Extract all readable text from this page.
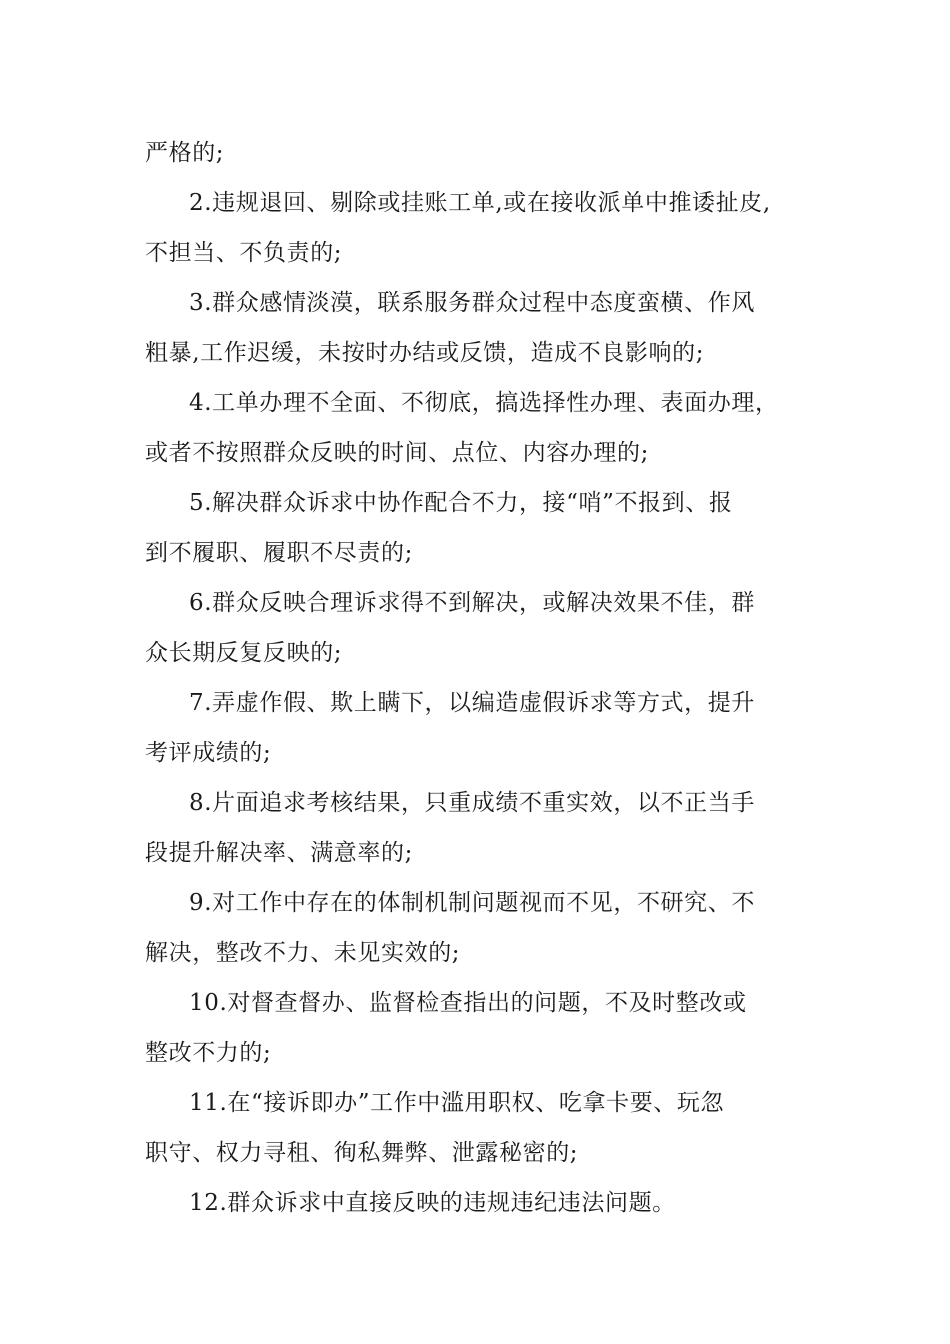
严格的;
2.违规退回、剔除或挂账工单,或在接收派单中推诿扯皮,
不担当、不负责的;
3.群众感情淡漠，联系服务群众过程中态度蛮横、作风
粗暴,工作迟缓，未按时办结或反馈，造成不良影响的;
4.工单办理不全面、不彻底，搞选择性办理、表面办理，
或者不按照群众反映的时间、点位、内容办理的;
5.解决群众诉求中协作配合不力，接“哨”不报到、报
到不履职、履职不尽责的;
6.群众反映合理诉求得不到解决，或解决效果不佳，群
众长期反复反映的;
7.弄虚作假、欺上瞒下，以编造虚假诉求等方式，提升
考评成绩的;
8.片面追求考核结果，只重成绩不重实效，以不正当手
段提升解决率、满意率的;
9.对工作中存在的体制机制问题视而不见，不研究、不
解决，整改不力、未见实效的;
10.对督查督办、监督检查指出的问题，不及时整改或
整改不力的;
11.在“接诉即办”工作中滥用职权、吃拿卡要、玩忽
职守、权力寻租、徇私舞弊、泄露秘密的;
12.群众诉求中直接反映的违规违纪违法问题。
